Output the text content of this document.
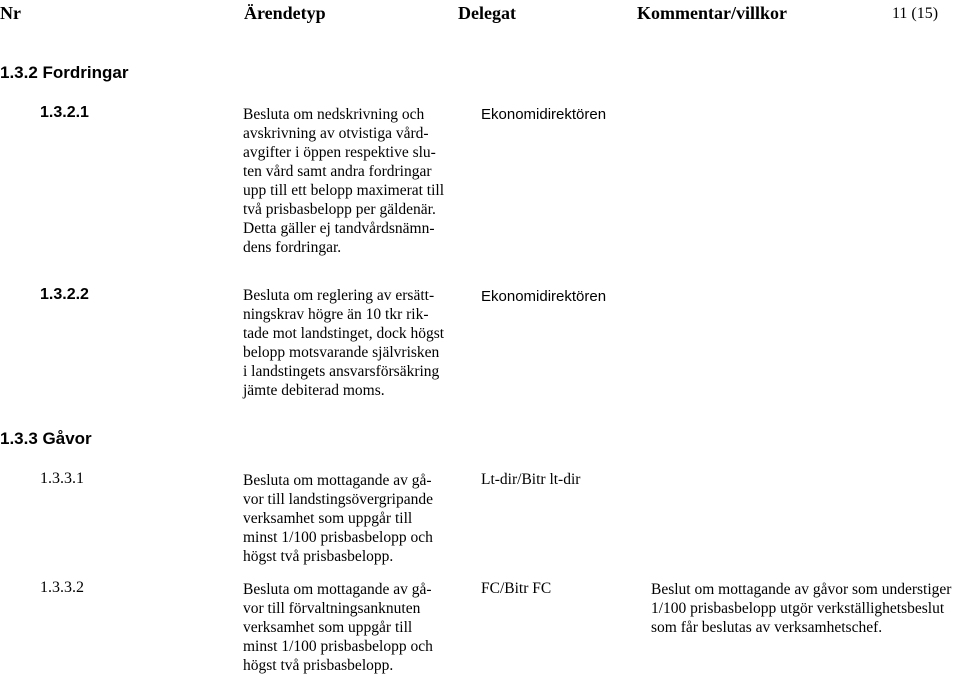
Nr	Ärendetyp	Delegat	Kommentar/villkor	11 (15)
1.3.2 Fordringar
1.3.2.1	Besluta om nedskrivning och
avskrivning av otvistiga vård-
avgifter i öppen respektive slu-
ten vård samt andra fordringar
upp till ett belopp maximerat till
två prisbasbelopp per gäldenär.
Detta gäller ej tandvårdsnämn-
dens fordringar.
Ekonomidirektören
1.3.2.2	Besluta om reglering av ersätt-
ningskrav högre än 10 tkr rik-
tade mot landstinget, dock högst
belopp motsvarande självrisken
i landstingets ansvarsförsäkring
jämte debiterad moms.
Ekonomidirektören
1.3.3 Gåvor
1.3.3.1	Besluta om mottagande av gå-
vor till landstingsövergripande
verksamhet som uppgår till
minst 1/100 prisbasbelopp och
högst två prisbasbelopp.
Lt-dir/Bitr lt-dir
1.3.3.2	Besluta om mottagande av gå-
vor till förvaltningsanknuten
verksamhet som uppgår till
minst 1/100 prisbasbelopp och
högst två prisbasbelopp.
FC/Bitr FC	Beslut om mottagande av gåvor som understiger
1/100 prisbasbelopp utgör verkställighetsbeslut
som får beslutas av verksamhetschef.
